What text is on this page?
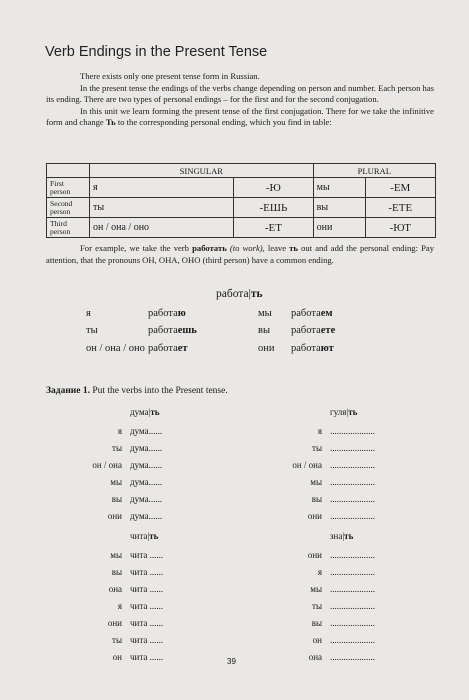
Verb Endings in the Present Tense
There exists only one present tense form in Russian.
In the present tense the endings of the verbs change depending on person and number. Each person has its ending. There are two types of personal endings – for the first and for the second conjugation.
In this unit we learn forming the present tense of the first conjugation. There for we take the infinitive form and change Ть to the corresponding personal ending, which you find in table:
	SINGULAR		PLURAL	
First person	я	-Ю	мы	-ЕМ
Second person	ты	-ЕШЬ	вы	-ЕТЕ
Third person	он / она / оно	-ЕТ	они	-ЮТ
For example, we take the verb работать (to work), leave ть out and add the personal ending: Pay attention, that the pronouns ОН, ОНА, ОНО (third person) have a common ending.
работа|ть
я	работаю	мы работаем
ты	работаешь	вы работаете
он / она / оно работает	они работают
Задание 1. Put the verbs into the Present tense.
дума|ть
я дума......
ты дума......
он / она дума......
мы дума......
вы дума......
они дума......
гуля|ть
я ....................
ты ....................
он / она ....................
мы ....................
вы ....................
они ....................
чита|ть
мы чита ......
вы чита ......
она чита ......
я чита ......
они чита ......
ты чита ......
он чита ......
зна|ть
они ....................
я ....................
мы ....................
ты ....................
вы ....................
он ....................
она ....................
39
